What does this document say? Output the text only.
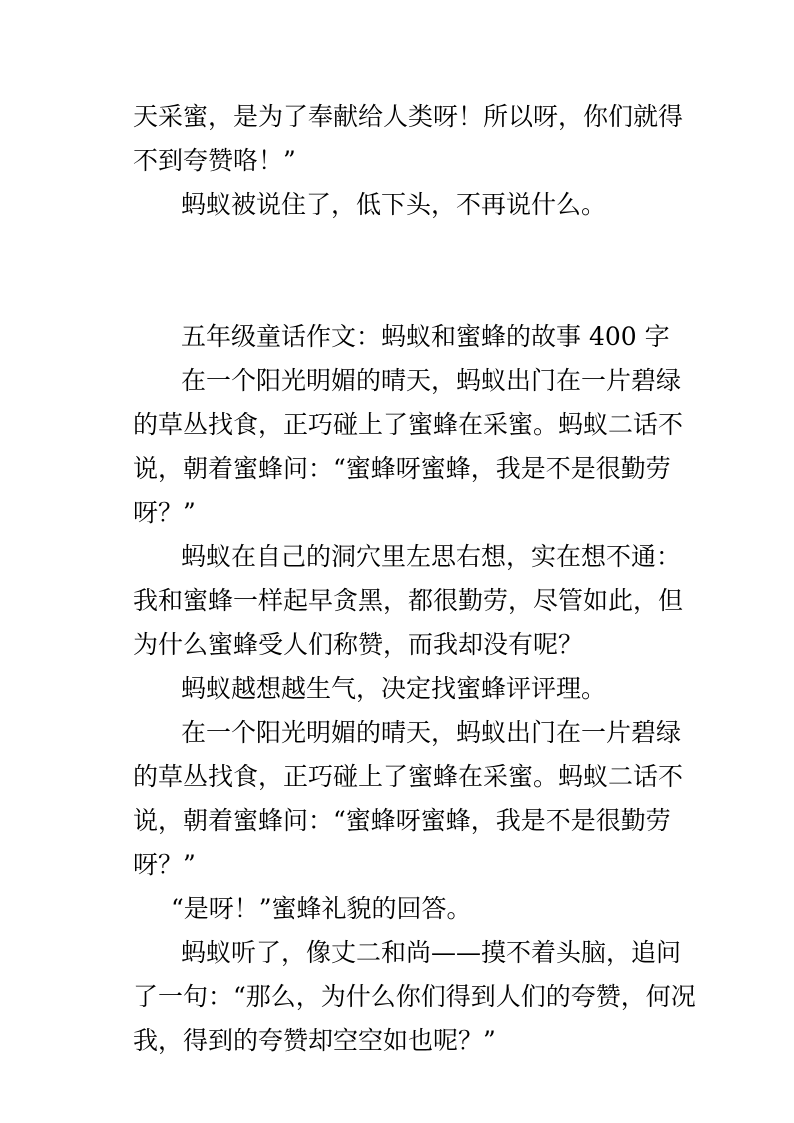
天采蜜，是为了奉献给人类呀！所以呀，你们就得
不到夸赞咯！”
蚂蚁被说住了，低下头，不再说什么。
五年级童话作文：蚂蚁和蜜蜂的故事 400 字
在一个阳光明媚的晴天，蚂蚁出门在一片碧绿
的草丛找食，正巧碰上了蜜蜂在采蜜。蚂蚁二话不
说，朝着蜜蜂问：“蜜蜂呀蜜蜂，我是不是很勤劳
呀？”
蚂蚁在自己的洞穴里左思右想，实在想不通：
我和蜜蜂一样起早贪黑，都很勤劳，尽管如此，但
为什么蜜蜂受人们称赞，而我却没有呢？
蚂蚁越想越生气，决定找蜜蜂评评理。
在一个阳光明媚的晴天，蚂蚁出门在一片碧绿
的草丛找食，正巧碰上了蜜蜂在采蜜。蚂蚁二话不
说，朝着蜜蜂问：“蜜蜂呀蜜蜂，我是不是很勤劳
呀？”
“是呀！”蜜蜂礼貌的回答。
蚂蚁听了，像丈二和尚——摸不着头脑，追问
了一句：“那么，为什么你们得到人们的夸赞，何况
我，得到的夸赞却空空如也呢？”
